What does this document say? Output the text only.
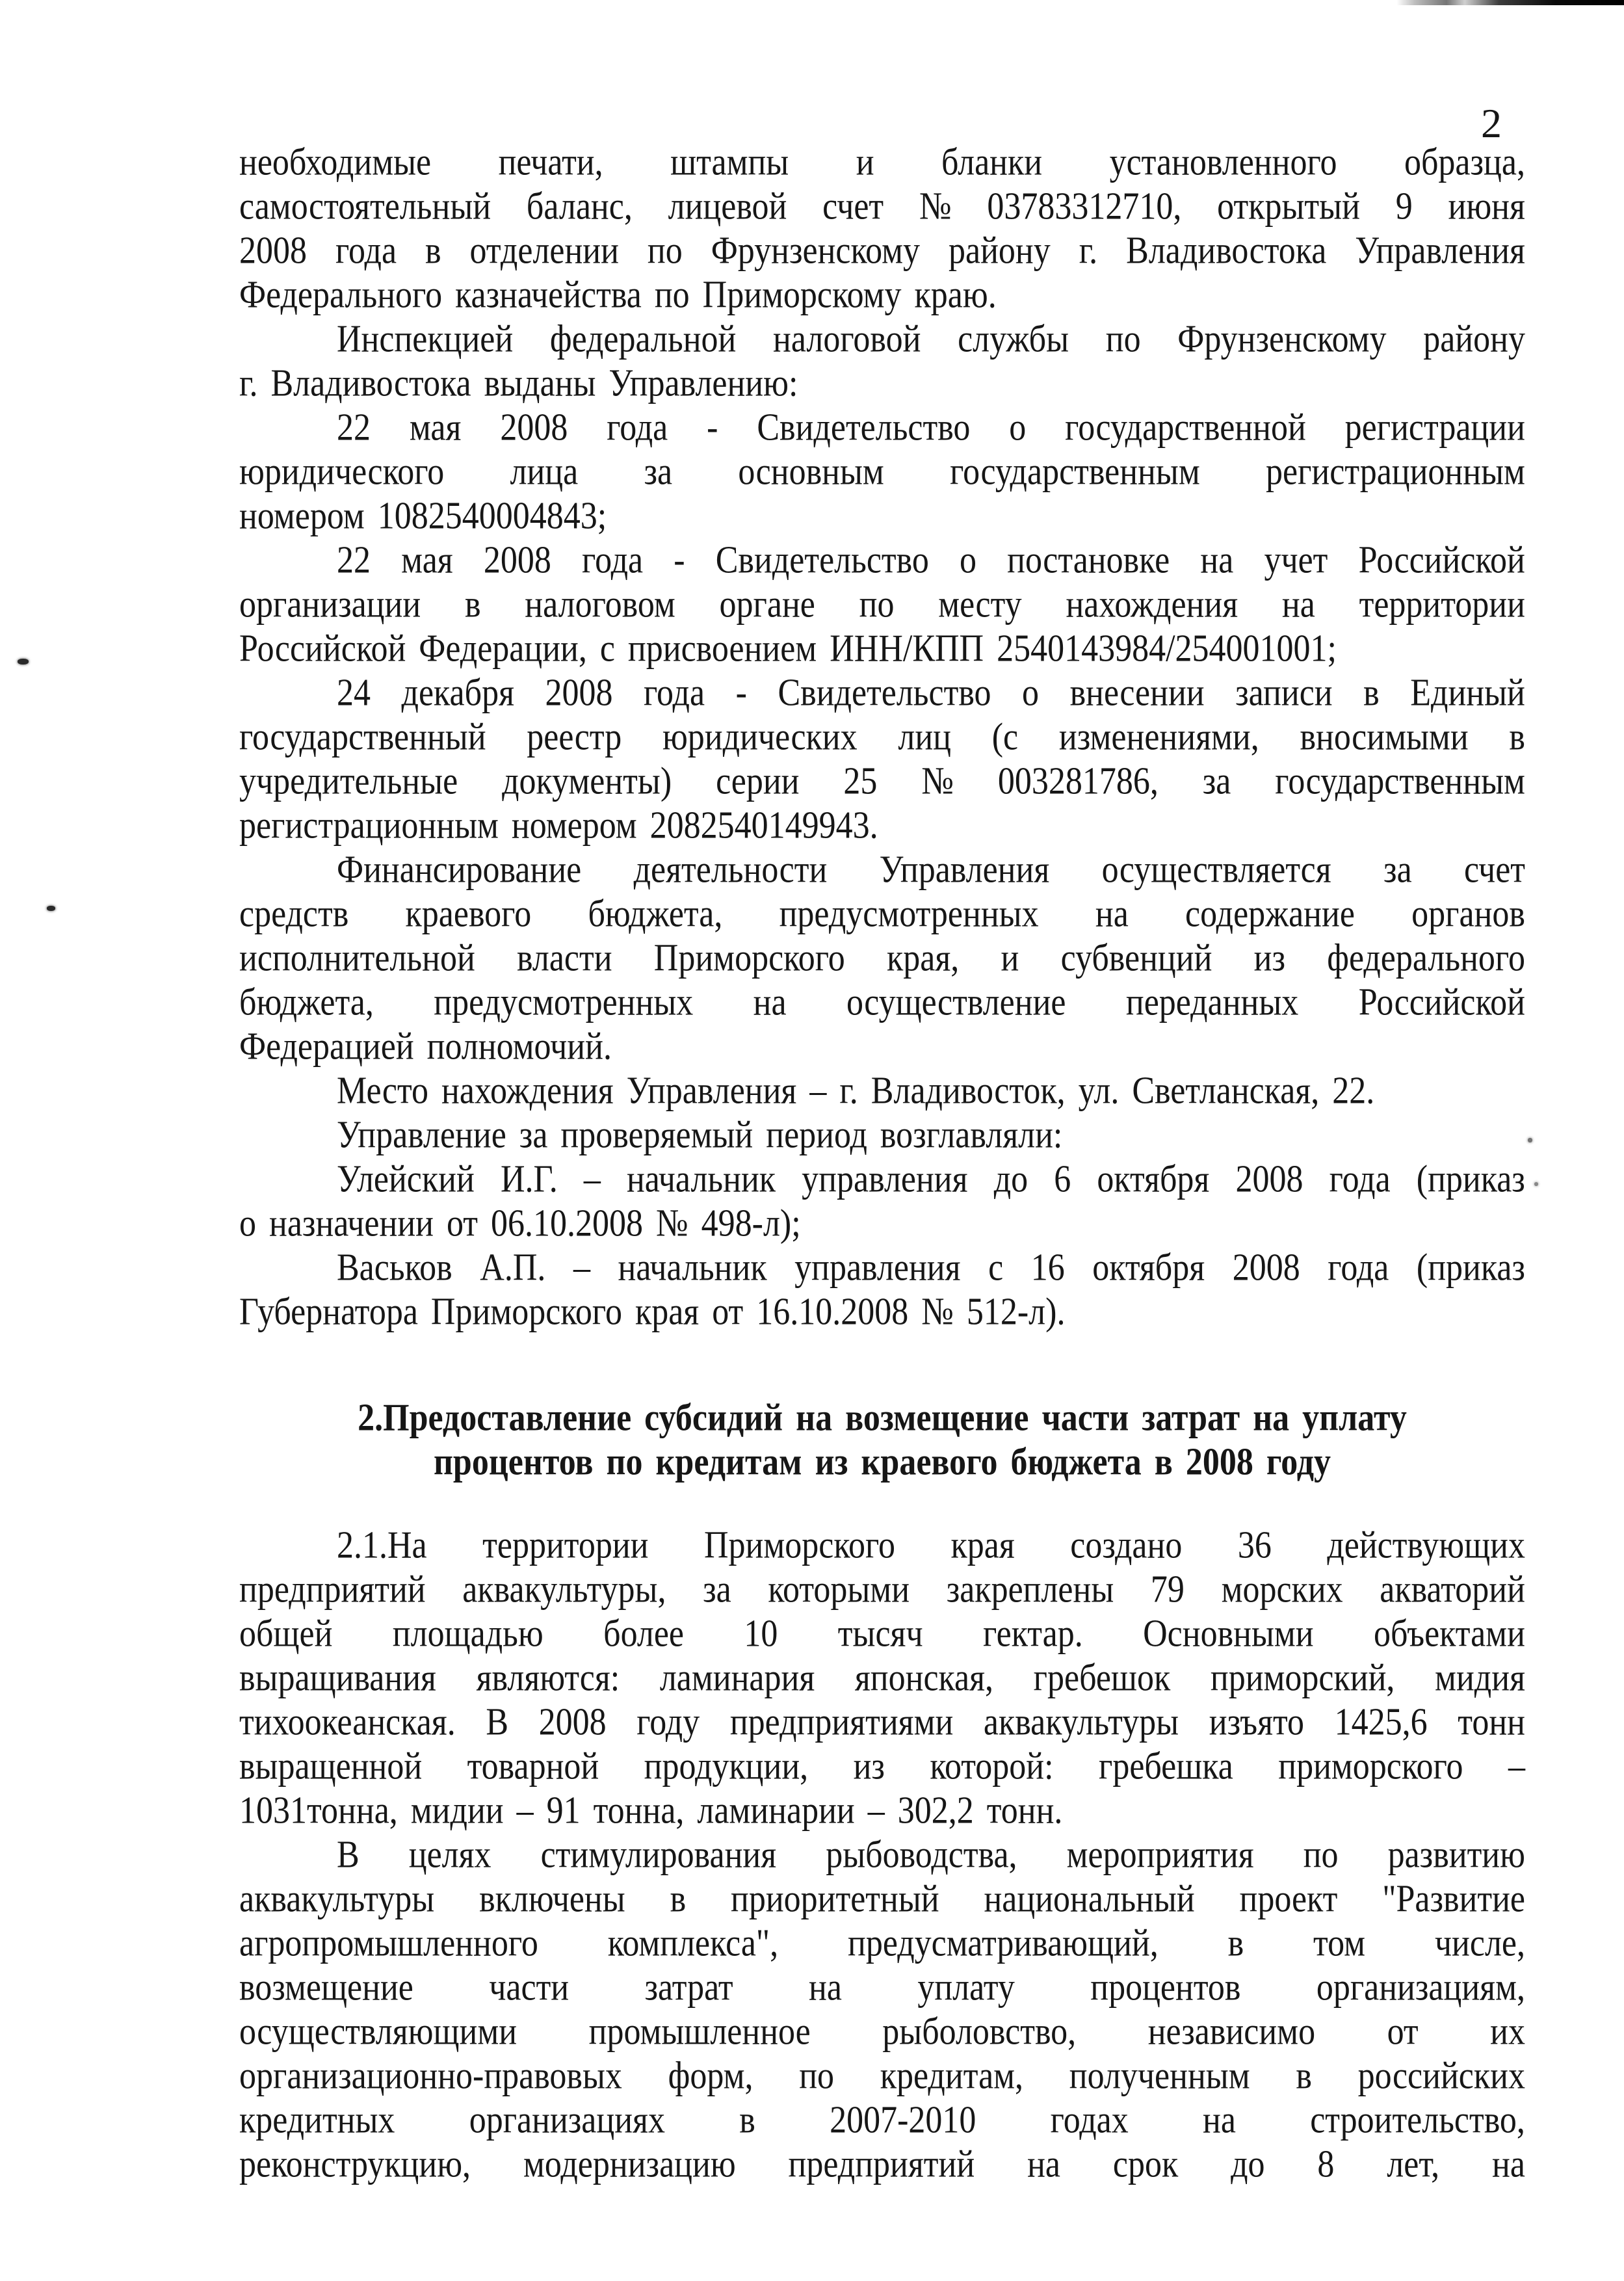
2
необходимые печати, штампы и бланки установленного образца,
самостоятельный баланс, лицевой счет № 03783312710, открытый 9 июня
2008 года в отделении по Фрунзенскому району г. Владивостока Управления
Федерального казначейства по Приморскому краю.
Инспекцией федеральной налоговой службы по Фрунзенскому району
г. Владивостока выданы Управлению:
22 мая 2008 года - Свидетельство о государственной регистрации
юридического лица за основным государственным регистрационным
номером 1082540004843;
22 мая 2008 года - Свидетельство о постановке на учет Российской
организации в налоговом органе по месту нахождения на территории
Российской Федерации, с присвоением ИНН/КПП 2540143984/254001001;
24 декабря 2008 года - Свидетельство о внесении записи в Единый
государственный реестр юридических лиц (с изменениями, вносимыми в
учредительные документы) серии 25 № 003281786, за государственным
регистрационным номером 2082540149943.
Финансирование деятельности Управления осуществляется за счет
средств краевого бюджета, предусмотренных на содержание органов
исполнительной власти Приморского края, и субвенций из федерального
бюджета, предусмотренных на осуществление переданных Российской
Федерацией полномочий.
Место нахождения Управления – г. Владивосток, ул. Светланская, 22.
Управление за проверяемый период возглавляли:
Улейский И.Г. – начальник управления до 6 октября 2008 года (приказ
о назначении от 06.10.2008 № 498-л);
Васьков А.П. – начальник управления с 16 октября 2008 года (приказ
Губернатора Приморского края от 16.10.2008 № 512-л).
2.Предоставление субсидий на возмещение части затрат на уплату
процентов по кредитам из краевого бюджета в 2008 году
2.1.На территории Приморского края создано 36 действующих
предприятий аквакультуры, за которыми закреплены 79 морских акваторий
общей площадью более 10 тысяч гектар. Основными объектами
выращивания являются: ламинария японская, гребешок приморский, мидия
тихоокеанская. В 2008 году предприятиями аквакультуры изъято 1425,6 тонн
выращенной товарной продукции, из которой: гребешка приморского –
1031тонна, мидии – 91 тонна, ламинарии – 302,2 тонн.
В целях стимулирования рыбоводства, мероприятия по развитию
аквакультуры включены в приоритетный национальный проект "Развитие
агропромышленного комплекса", предусматривающий, в том числе,
возмещение части затрат на уплату процентов организациям,
осуществляющими промышленное рыболовство, независимо от их
организационно-правовых форм, по кредитам, полученным в российских
кредитных организациях в 2007-2010 годах на строительство,
реконструкцию, модернизацию предприятий на срок до 8 лет, на
